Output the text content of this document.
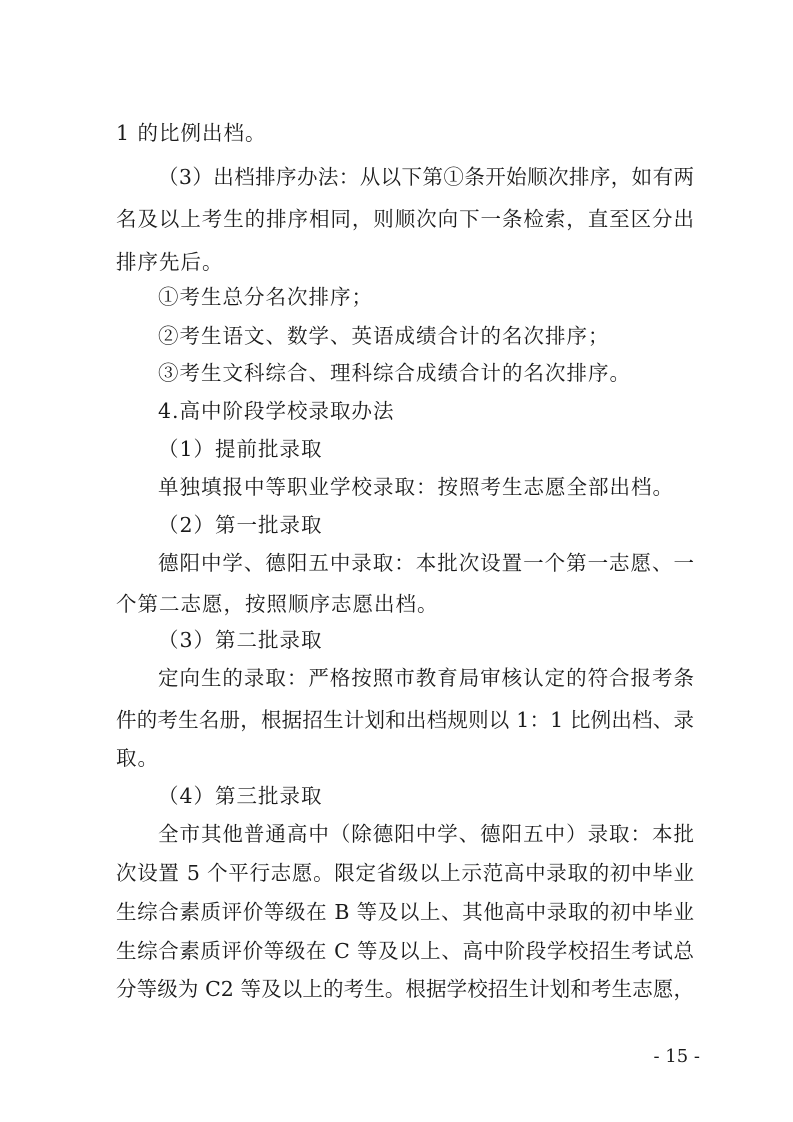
1 的比例出档。
（3）出档排序办法：从以下第①条开始顺次排序，如有两
名及以上考生的排序相同，则顺次向下一条检索，直至区分出
排序先后。
①考生总分名次排序；
②考生语文、数学、英语成绩合计的名次排序；
③考生文科综合、理科综合成绩合计的名次排序。
4.高中阶段学校录取办法
（1）提前批录取
单独填报中等职业学校录取：按照考生志愿全部出档。
（2）第一批录取
德阳中学、德阳五中录取：本批次设置一个第一志愿、一
个第二志愿，按照顺序志愿出档。
（3）第二批录取
定向生的录取：严格按照市教育局审核认定的符合报考条
件的考生名册，根据招生计划和出档规则以 1：1 比例出档、录
取。
（4）第三批录取
全市其他普通高中（除德阳中学、德阳五中）录取：本批
次设置 5 个平行志愿。限定省级以上示范高中录取的初中毕业
生综合素质评价等级在 B 等及以上、其他高中录取的初中毕业
生综合素质评价等级在 C 等及以上、高中阶段学校招生考试总
分等级为 C2 等及以上的考生。根据学校招生计划和考生志愿，
- 15 -
